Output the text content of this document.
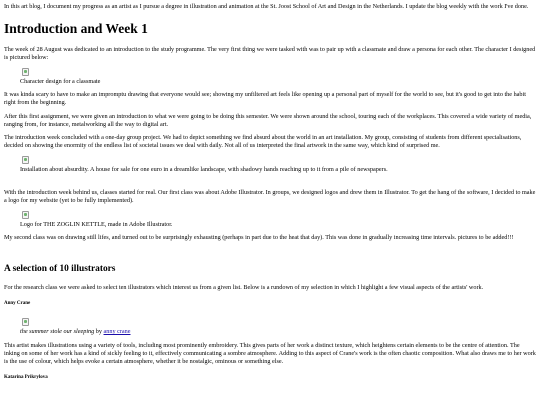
In this art blog, I document my progress as an artist as I pursue a degree in illustration and animation at the St. Joost School of Art and Design in the Netherlands. I update the blog weekly with the work I've done.

Introduction and Week 1

The week of 28 August was dedicated to an introduction to the study programme. The very first thing we were tasked with was to pair up with a classmate and draw a persona for each other. The character I designed is pictured below:

Character design for a classmate

It was kinda scary to have to make an impromptu drawing that everyone would see; showing my unfiltered art feels like opening up a personal part of myself for the world to see, but it's good to get into the habit right from the beginning.

After this first assignment, we were given an introduction to what we were going to be doing this semester. We were shown around the school, touring each of the workplaces. This covered a wide variety of media, ranging from, for instance, metalworking all the way to digital art.

The introduction week concluded with a one-day group project. We had to depict something we find absurd about the world in an art installation. My group, consisting of students from different specialisations, decided on showing the enormity of the endless list of societal issues we deal with daily. Not all of us interpreted the final artwork in the same way, which kind of surprised me.

Installation about absurdity. A house for sale for one euro in a dreamlike landscape, with shadowy hands reaching up to it from a pile of newspapers.

With the introduction week behind us, classes started for real. Our first class was about Adobe Illustrator. In groups, we designed logos and drew them in Illustrator. To get the hang of the software, I decided to make a logo for my website (yet to be fully implemented).

Logo for THE ZOGLIN KETTLE, made in Adobe Illustrator.

My second class was on drawing still lifes, and turned out to be surprisingly exhausting (perhaps in part due to the heat that day). This was done in gradually increasing time intervals. pictures to be added!!!

A selection of 10 illustrators

For the research class we were asked to select ten illustrators which interest us from a given list. Below is a rundown of my selection in which I highlight a few visual aspects of the artists' work.

Anny Crane
the summer stole our sleeping by anny crane

This artist makes illustrations using a variety of tools, including most prominently embroidery. This gives parts of her work a distinct texture, which heightens certain elements to be the centre of attention. The inking on some of her work has a kind of sickly feeling to it, effectively communicating a sombre atmosphere. Adding to this aspect of Crane's work is the often chaotic composition. What also draws me to her work is the use of colour, which helps evoke a certain atmosphere, whether it be nostalgic, ominous or something else.

Katarina Prikrylova
